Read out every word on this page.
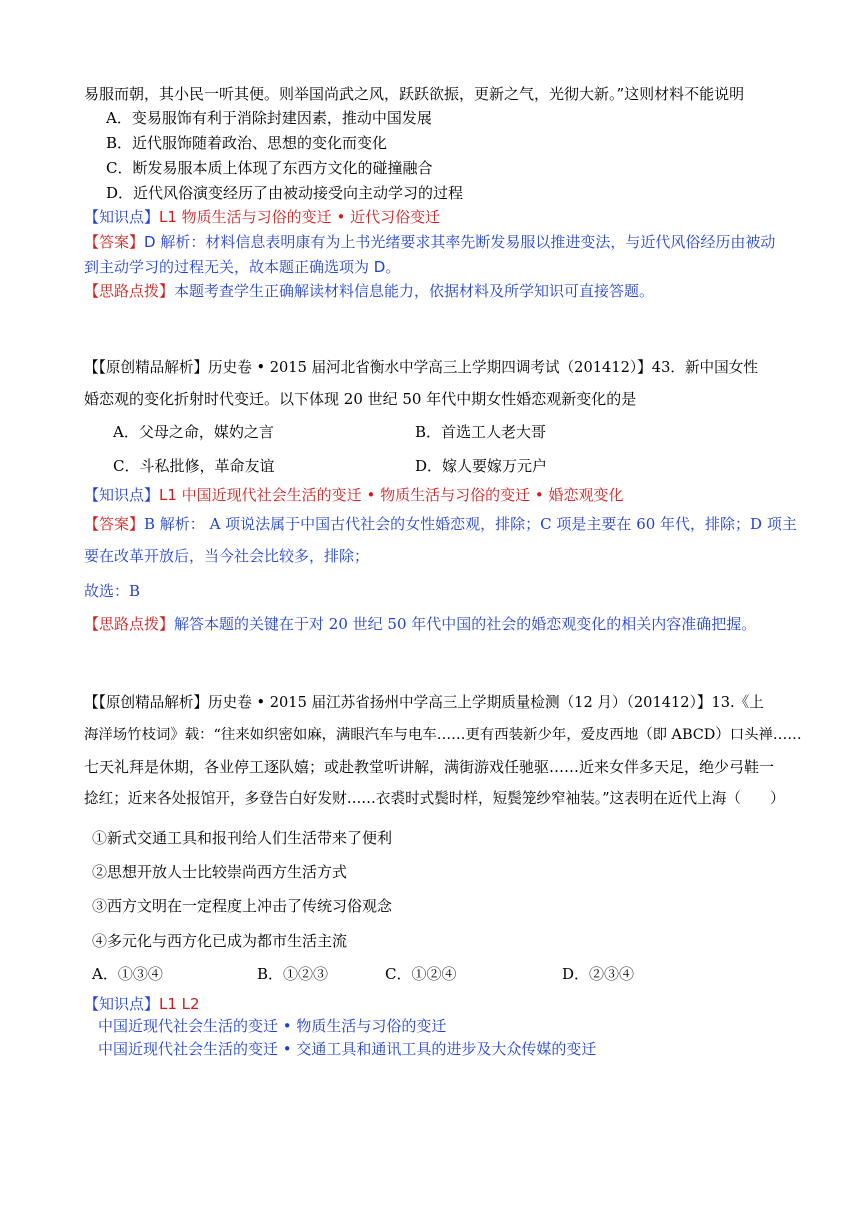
易服而朝，其小民一听其便。则举国尚武之风，跃跃欲振，更新之气，光彻大新。”这则材料不能说明
A．变易服饰有利于消除封建因素，推动中国发展
B．近代服饰随着政治、思想的变化而变化
C．断发易服本质上体现了东西方文化的碰撞融合
D．近代风俗演变经历了由被动接受向主动学习的过程
【知识点】L1 物质生活与习俗的变迁 • 近代习俗变迁
【答案】D 解析：材料信息表明康有为上书光绪要求其率先断发易服以推进变法，与近代风俗经历由被动
到主动学习的过程无关，故本题正确选项为 D。
【思路点拨】本题考查学生正确解读材料信息能力，依据材料及所学知识可直接答题。
【【原创精品解析】历史卷 • 2015 届河北省衡水中学高三上学期四调考试（201412）】43．新中国女性
婚恋观的变化折射时代变迁。以下体现 20 世纪 50 年代中期女性婚恋观新变化的是
A．父母之命，媒妁之言	B．首选工人老大哥
C．斗私批修，革命友谊	D．嫁人要嫁万元户
【知识点】L1 中国近现代社会生活的变迁 • 物质生活与习俗的变迁 • 婚恋观变化
【答案】B 解析： A 项说法属于中国古代社会的女性婚恋观，排除；C 项是主要在 60 年代，排除；D 项主
要在改革开放后，当今社会比较多，排除；
故选：B
【思路点拨】解答本题的关键在于对 20 世纪 50 年代中国的社会的婚恋观变化的相关内容准确把握。
【【原创精品解析】历史卷 • 2015 届江苏省扬州中学高三上学期质量检测（12 月）（201412）】13.《上
海洋场竹枝词》载：“往来如织密如麻，满眼汽车与电车……更有西装新少年，爱皮西地（即 ABCD）口头禅……
七天礼拜是休期，各业停工逐队嬉；或赴教堂听讲解，满街游戏任驰驱……近来女伴多天足，绝少弓鞋一
捻红；近来各处报馆开，多登告白好发财……衣裘时式鬓时样，短鬓笼纱窄袖装。”这表明在近代上海（　　）
①新式交通工具和报刊给人们生活带来了便利
②思想开放人士比较崇尚西方生活方式
③西方文明在一定程度上冲击了传统习俗观念
④多元化与西方化已成为都市生活主流
A．①③④	B．①②③	C．①②④	D．②③④
【知识点】L1 L2
中国近现代社会生活的变迁 • 物质生活与习俗的变迁
中国近现代社会生活的变迁 • 交通工具和通讯工具的进步及大众传媒的变迁
